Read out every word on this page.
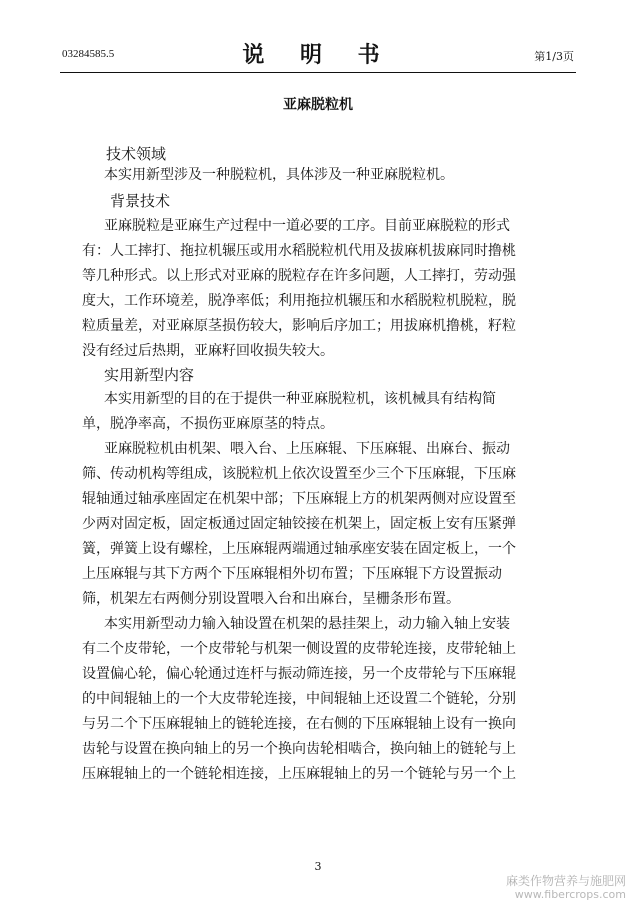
03284585.5	说 明 书	第1/3页
亚麻脱粒机
技术领域
本实用新型涉及一种脱粒机，具体涉及一种亚麻脱粒机。
背景技术
亚麻脱粒是亚麻生产过程中一道必要的工序。目前亚麻脱粒的形式
有：人工摔打、拖拉机辗压或用水稻脱粒机代用及拔麻机拔麻同时撸桃
等几种形式。以上形式对亚麻的脱粒存在许多问题，人工摔打，劳动强
度大，工作环境差，脱净率低；利用拖拉机辗压和水稻脱粒机脱粒，脱
粒质量差，对亚麻原茎损伤较大，影响后序加工；用拔麻机撸桃，籽粒
没有经过后热期，亚麻籽回收损失较大。
实用新型内容
本实用新型的目的在于提供一种亚麻脱粒机，该机械具有结构简
单，脱净率高，不损伤亚麻原茎的特点。
亚麻脱粒机由机架、喂入台、上压麻辊、下压麻辊、出麻台、振动
筛、传动机构等组成，该脱粒机上依次设置至少三个下压麻辊，下压麻
辊轴通过轴承座固定在机架中部；下压麻辊上方的机架两侧对应设置至
少两对固定板，固定板通过固定轴铰接在机架上，固定板上安有压紧弹
簧，弹簧上设有螺栓，上压麻辊两端通过轴承座安装在固定板上，一个
上压麻辊与其下方两个下压麻辊相外切布置；下压麻辊下方设置振动
筛，机架左右两侧分别设置喂入台和出麻台，呈栅条形布置。
本实用新型动力输入轴设置在机架的悬挂架上，动力输入轴上安装
有二个皮带轮，一个皮带轮与机架一侧设置的皮带轮连接，皮带轮轴上
设置偏心轮，偏心轮通过连杆与振动筛连接，另一个皮带轮与下压麻辊
的中间辊轴上的一个大皮带轮连接，中间辊轴上还设置二个链轮，分别
与另二个下压麻辊轴上的链轮连接，在右侧的下压麻辊轴上设有一换向
齿轮与设置在换向轴上的另一个换向齿轮相啮合，换向轴上的链轮与上
压麻辊轴上的一个链轮相连接，上压麻辊轴上的另一个链轮与另一个上
3
麻类作物营养与施肥网
www.fibercrops.com
